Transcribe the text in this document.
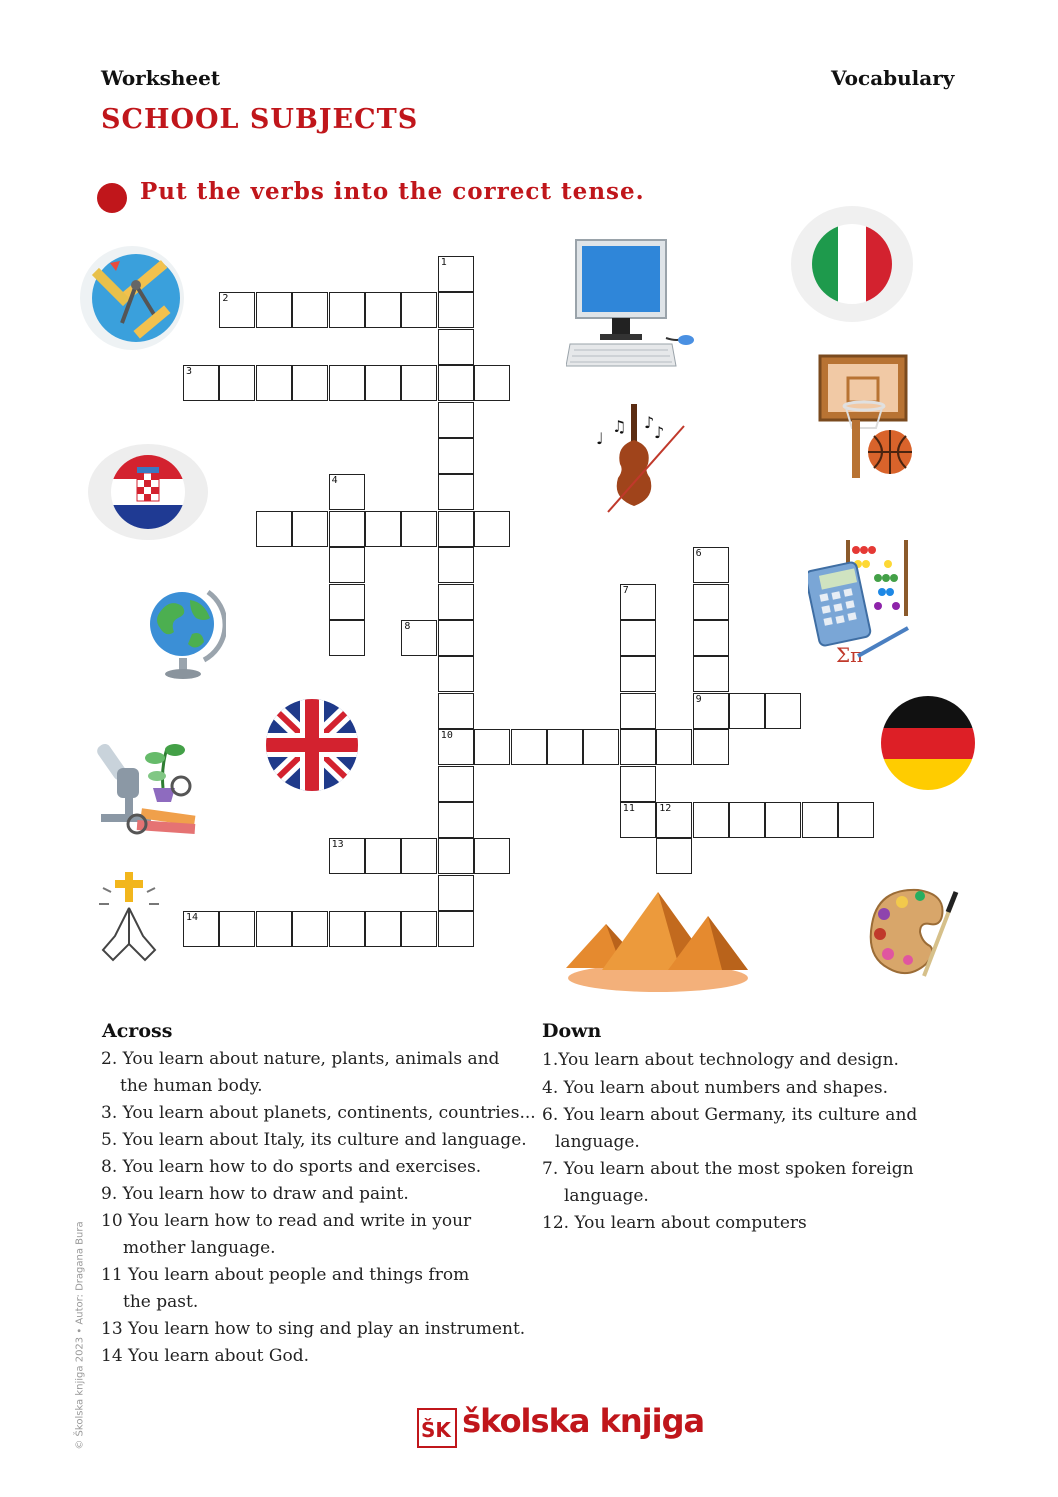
Worksheet	Vocabulary
SCHOOL SUBJECTS
Put the verbs into the correct tense.
1
2
3
4
6
7
8
9
10
11 12
13
14
♩
♫ ♪
♪
Σπ
Across	Down
2. You learn about nature, plants, animals and
the human body.
3. You learn about planets, continents, countries...
5. You learn about Italy, its culture and language.
8. You learn how to do sports and exercises.
9. You learn how to draw and paint.
10 You learn how to read and write in your
mother language.
11 You learn about people and things from
the past.
13 You learn how to sing and play an instrument.
14 You learn about God.
1.You learn about technology and design.
4. You learn about numbers and shapes.
6. You learn about Germany, its culture and
language.
7. You learn about the most spoken foreign
language.
12. You learn about computers
© Školska knjiga 2023 • Autor: Dragana Bura	ŠK školska knjiga
